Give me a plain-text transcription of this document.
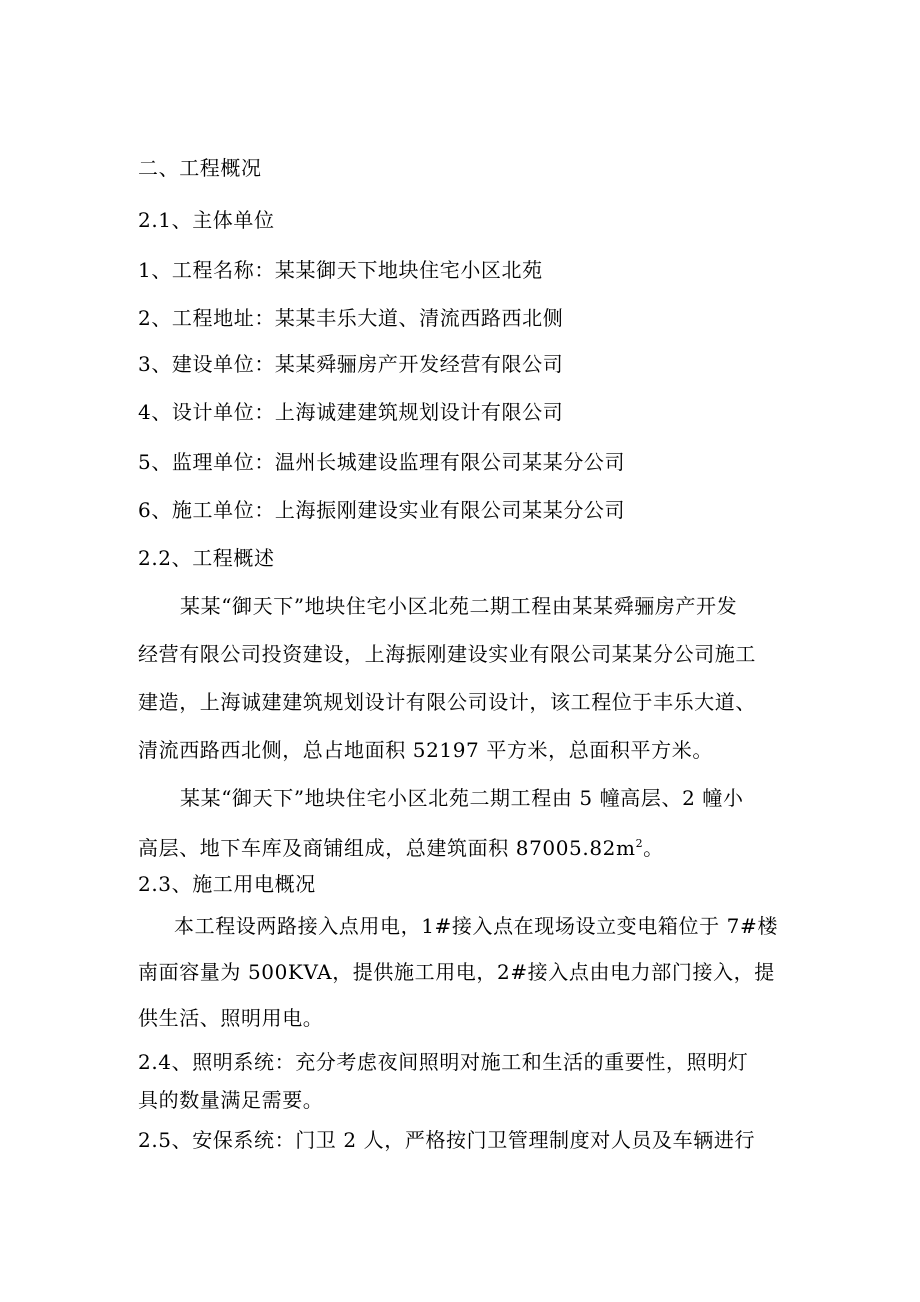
二、工程概况
2.1、主体单位
1、工程名称：某某御天下地块住宅小区北苑
2、工程地址：某某丰乐大道、清流西路西北侧
3、建设单位：某某舜骊房产开发经营有限公司
4、设计单位：上海诚建建筑规划设计有限公司
5、监理单位：温州长城建设监理有限公司某某分公司
6、施工单位：上海振刚建设实业有限公司某某分公司
2.2、工程概述
某某“御天下”地块住宅小区北苑二期工程由某某舜骊房产开发
经营有限公司投资建设，上海振刚建设实业有限公司某某分公司施工
建造，上海诚建建筑规划设计有限公司设计，该工程位于丰乐大道、
清流西路西北侧，总占地面积 52197 平方米，总面积平方米。
某某“御天下”地块住宅小区北苑二期工程由 5 幢高层、2 幢小
高层、地下车库及商铺组成，总建筑面积 $87005.82m^2$。
2.3、施工用电概况
本工程设两路接入点用电，1#接入点在现场设立变电箱位于 7#楼
南面容量为 500KVA，提供施工用电，2#接入点由电力部门接入，提
供生活、照明用电。
2.4、照明系统：充分考虑夜间照明对施工和生活的重要性，照明灯
具的数量满足需要。
2.5、安保系统：门卫 2 人，严格按门卫管理制度对人员及车辆进行
